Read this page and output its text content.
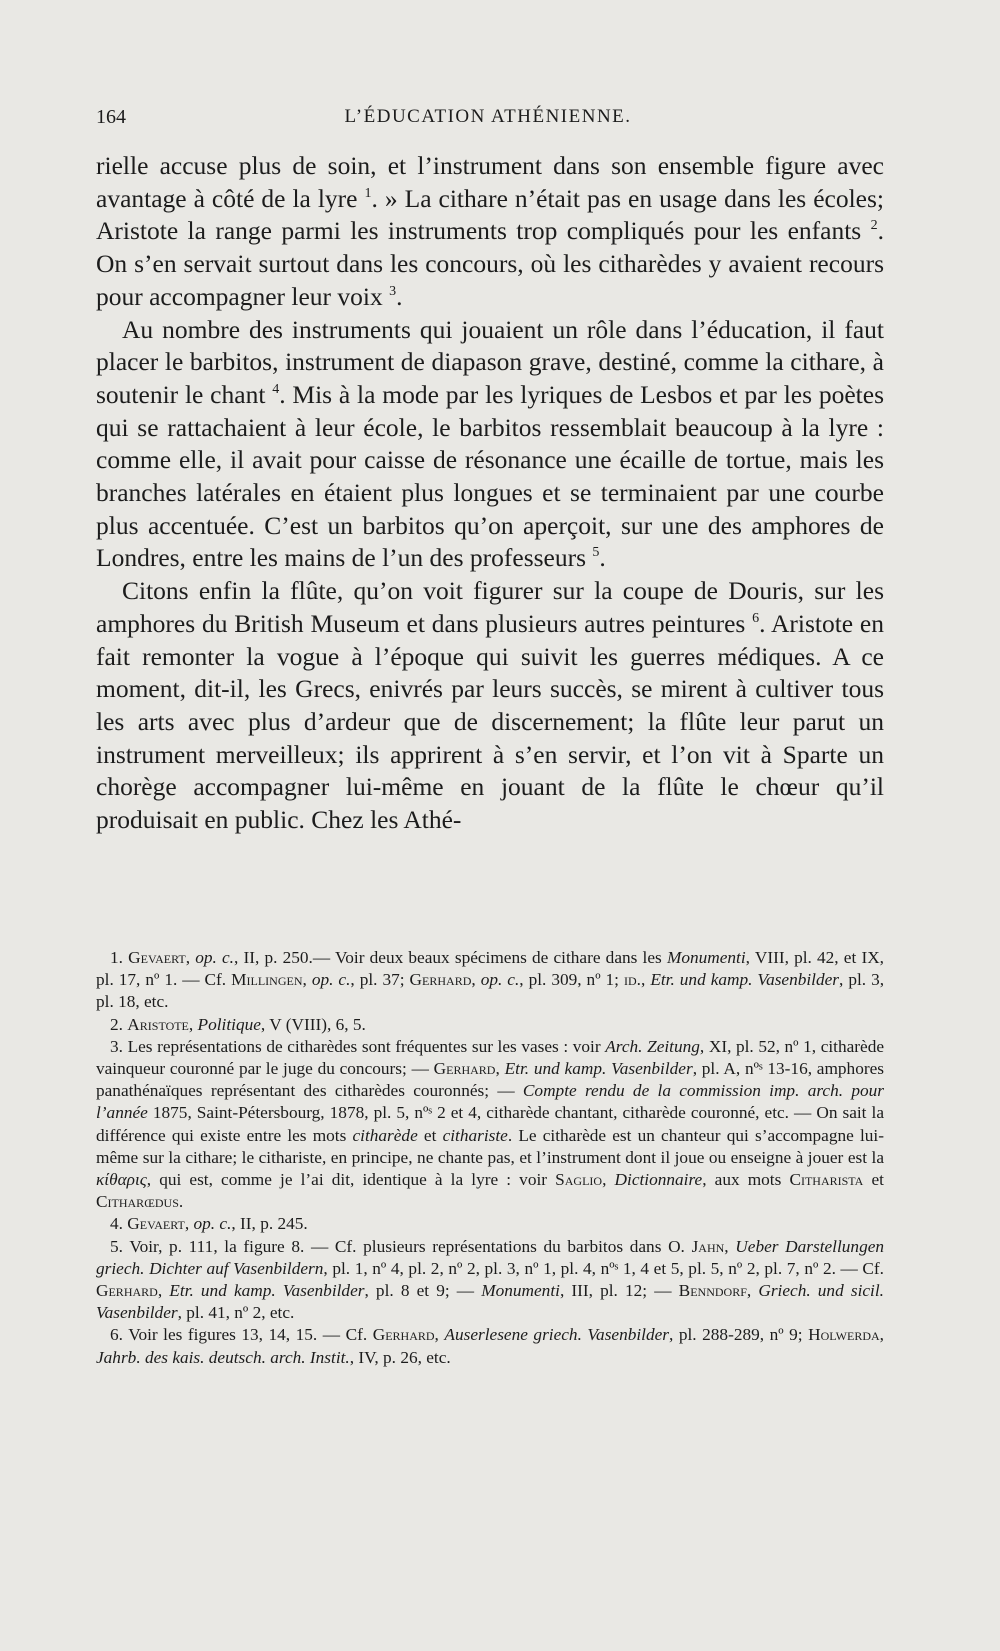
164	L’ÉDUCATION ATHÉNIENNE.

rielle accuse plus de soin, et l’instrument dans son ensemble figure avec avantage à côté de la lyre $^1$. » La cithare n’était pas en usage dans les écoles; Aristote la range parmi les instruments trop compliqués pour les enfants $^2$. On s’en servait surtout dans les concours, où les citharèdes y avaient recours pour accompagner leur voix $^3$.

Au nombre des instruments qui jouaient un rôle dans l’éducation, il faut placer le barbitos, instrument de diapason grave, destiné, comme la cithare, à soutenir le chant $^4$. Mis à la mode par les lyriques de Lesbos et par les poètes qui se rattachaient à leur école, le barbitos ressemblait beaucoup à la lyre : comme elle, il avait pour caisse de résonance une écaille de tortue, mais les branches latérales en étaient plus longues et se terminaient par une courbe plus accentuée. C’est un barbitos qu’on aperçoit, sur une des amphores de Londres, entre les mains de l’un des professeurs $^5$.

Citons enfin la flûte, qu’on voit figurer sur la coupe de Douris, sur les amphores du British Museum et dans plusieurs autres peintures $^6$. Aristote en fait remonter la vogue à l’époque qui suivit les guerres médiques. A ce moment, dit-il, les Grecs, enivrés par leurs succès, se mirent à cultiver tous les arts avec plus d’ardeur que de discernement; la flûte leur parut un instrument merveilleux; ils apprirent à s’en servir, et l’on vit à Sparte un chorège accompagner lui-même en jouant de la flûte le chœur qu’il produisait en public. Chez les Athé-

1. Gevaert, op. c., II, p. 250.— Voir deux beaux spécimens de cithare dans les Monumenti, VIII, pl. 42, et IX, pl. 17, nº 1. — Cf. Millingen, op. c., pl. 37; Gerhard, op. c., pl. 309, nº 1; id., Etr. und kamp. Vasenbilder, pl. 3, pl. 18, etc.

2. Aristote, Politique, V (VIII), 6, 5.

3. Les représentations de citharèdes sont fréquentes sur les vases : voir Arch. Zeitung, XI, pl. 52, nº 1, citharède vainqueur couronné par le juge du concours; — Gerhard, Etr. und kamp. Vasenbilder, pl. A, nºˢ 13-16, amphores panathénaïques représentant des citharèdes couronnés; — Compte rendu de la commission imp. arch. pour l’année 1875, Saint-Pétersbourg, 1878, pl. 5, nºˢ 2 et 4, citharède chantant, citharède couronné, etc. — On sait la différence qui existe entre les mots citharède et cithariste. Le citharède est un chanteur qui s’accompagne lui-même sur la cithare; le cithariste, en principe, ne chante pas, et l’instrument dont il joue ou enseigne à jouer est la κίθαρις, qui est, comme je l’ai dit, identique à la lyre : voir Saglio, Dictionnaire, aux mots Citharista et Citharœdus.

4. Gevaert, op. c., II, p. 245.

5. Voir, p. 111, la figure 8. — Cf. plusieurs représentations du barbitos dans O. Jahn, Ueber Darstellungen griech. Dichter auf Vasenbildern, pl. 1, nº 4, pl. 2, nº 2, pl. 3, nº 1, pl. 4, nºˢ 1, 4 et 5, pl. 5, nº 2, pl. 7, nº 2. — Cf. Gerhard, Etr. und kamp. Vasenbilder, pl. 8 et 9; — Monumenti, III, pl. 12; — Benndorf, Griech. und sicil. Vasenbilder, pl. 41, nº 2, etc.

6. Voir les figures 13, 14, 15. — Cf. Gerhard, Auserlesene griech. Vasenbilder, pl. 288-289, nº 9; Holwerda, Jahrb. des kais. deutsch. arch. Instit., IV, p. 26, etc.
